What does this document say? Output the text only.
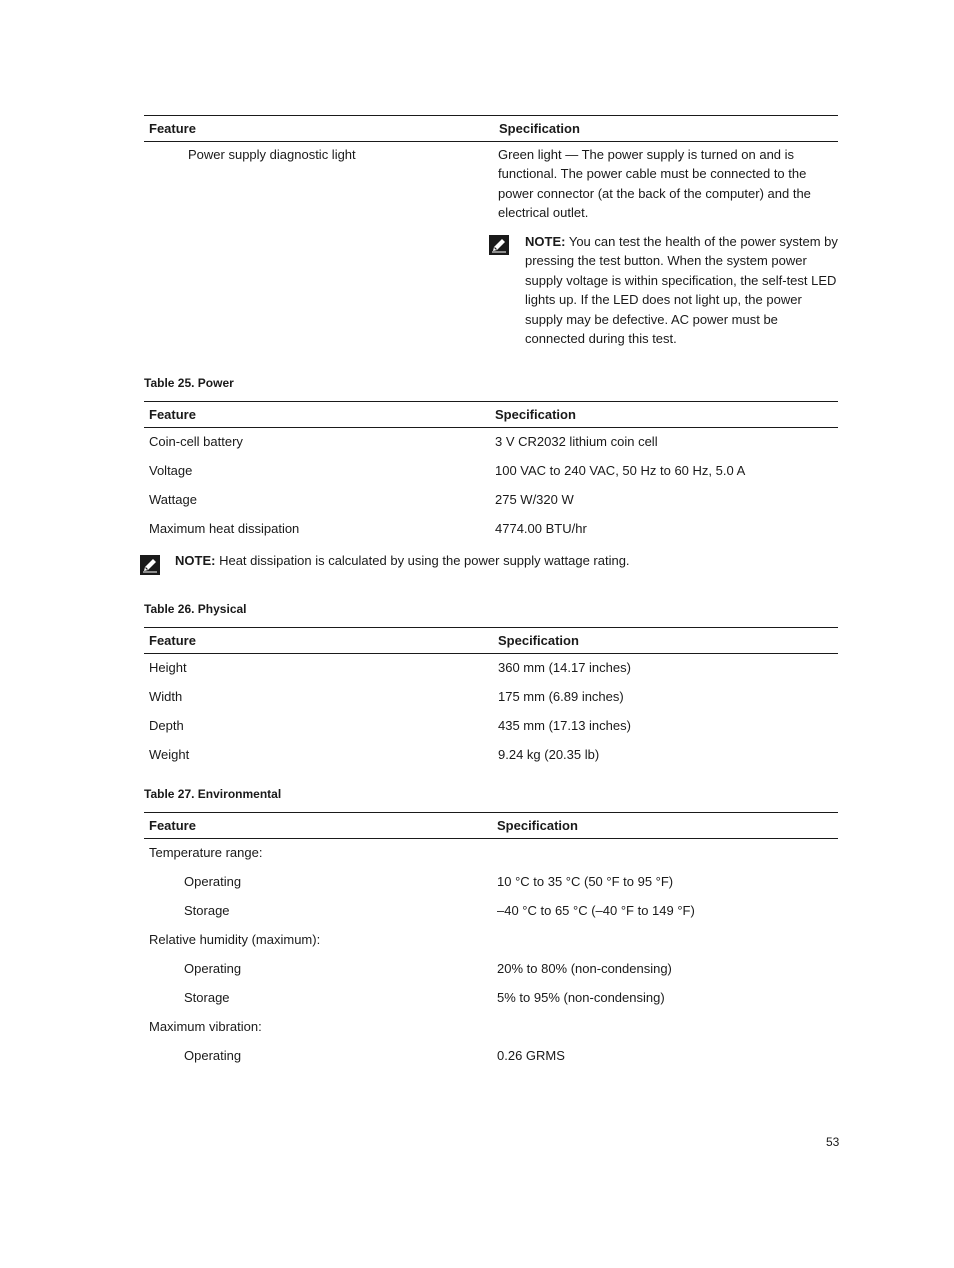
Feature	Specification
Power supply diagnostic light	Green light — The power supply is turned on and is functional. The power cable must be connected to the power connector (at the back of the computer) and the electrical outlet.
NOTE: You can test the health of the power system by pressing the test button. When the system power supply voltage is within specification, the self-test LED lights up. If the LED does not light up, the power supply may be defective. AC power must be connected during this test.
Table 25. Power
Feature	Specification
Coin-cell battery	3 V CR2032 lithium coin cell
Voltage	100 VAC to 240 VAC, 50 Hz to 60 Hz, 5.0 A
Wattage	275 W/320 W
Maximum heat dissipation	4774.00 BTU/hr
NOTE: Heat dissipation is calculated by using the power supply wattage rating.
Table 26. Physical
Feature	Specification
Height	360 mm (14.17 inches)
Width	175 mm (6.89 inches)
Depth	435 mm (17.13 inches)
Weight	9.24 kg (20.35 lb)
Table 27. Environmental
Feature	Specification
Temperature range:
Operating	10 °C to 35 °C (50 °F to 95 °F)
Storage	–40 °C to 65 °C (–40 °F to 149 °F)
Relative humidity (maximum):
Operating	20% to 80% (non-condensing)
Storage	5% to 95% (non-condensing)
Maximum vibration:
Operating	0.26 GRMS
53
